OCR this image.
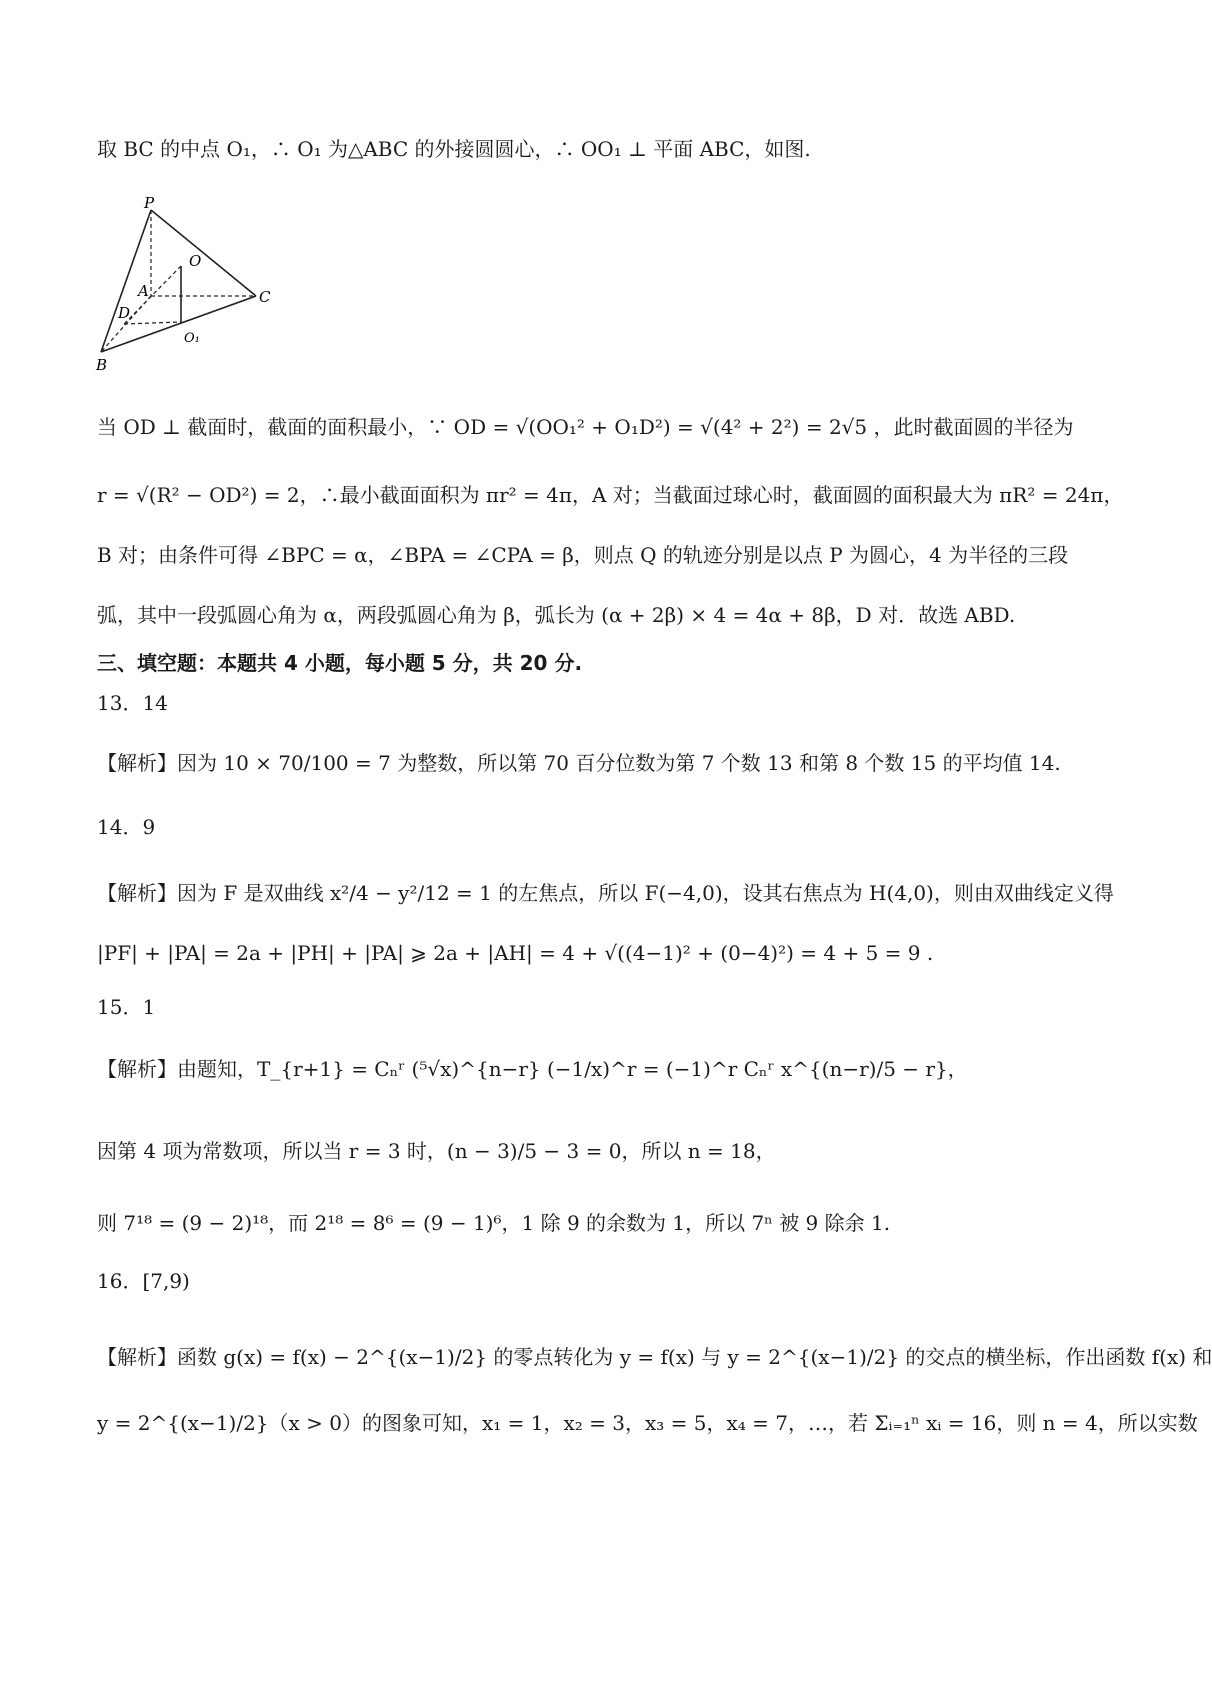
取 BC 的中点 O₁，∴ O₁ 为△ABC 的外接圆圆心，∴ OO₁ ⊥ 平面 ABC，如图.
P
O
A	C
D
O₁
B
当 OD ⊥ 截面时，截面的面积最小，∵ OD = √(OO₁² + O₁D²) = √(4² + 2²) = 2√5 ，此时截面圆的半径为
r = √(R² − OD²) = 2，∴最小截面面积为 πr² = 4π，A 对；当截面过球心时，截面圆的面积最大为 πR² = 24π，
B 对；由条件可得 ∠BPC = α，∠BPA = ∠CPA = β，则点 Q 的轨迹分别是以点 P 为圆心，4 为半径的三段
弧，其中一段弧圆心角为 α，两段弧圆心角为 β，弧长为 (α + 2β) × 4 = 4α + 8β，D 对．故选 ABD.
三、填空题：本题共 4 小题，每小题 5 分，共 20 分.
13．14
【解析】因为 10 × 70/100 = 7 为整数，所以第 70 百分位数为第 7 个数 13 和第 8 个数 15 的平均值 14.
14．9
【解析】因为 F 是双曲线 x²/4 − y²/12 = 1 的左焦点，所以 F(−4,0)，设其右焦点为 H(4,0)，则由双曲线定义得
|PF| + |PA| = 2a + |PH| + |PA| ⩾ 2a + |AH| = 4 + √((4−1)² + (0−4)²) = 4 + 5 = 9 .
15．1
【解析】由题知，T_{r+1} = Cₙʳ (⁵√x)^{n−r} (−1/x)^r = (−1)^r Cₙʳ x^{(n−r)/5 − r}，
因第 4 项为常数项，所以当 r = 3 时，(n − 3)/5 − 3 = 0，所以 n = 18，
则 7¹⁸ = (9 − 2)¹⁸，而 2¹⁸ = 8⁶ = (9 − 1)⁶，1 除 9 的余数为 1，所以 7ⁿ 被 9 除余 1.
16．[7,9)
【解析】函数 g(x) = f(x) − 2^{(x−1)/2} 的零点转化为 y = f(x) 与 y = 2^{(x−1)/2} 的交点的横坐标，作出函数 f(x) 和
y = 2^{(x−1)/2}（x > 0）的图象可知，x₁ = 1，x₂ = 3，x₃ = 5，x₄ = 7，…，若 Σᵢ₌₁ⁿ xᵢ = 16，则 n = 4，所以实数
